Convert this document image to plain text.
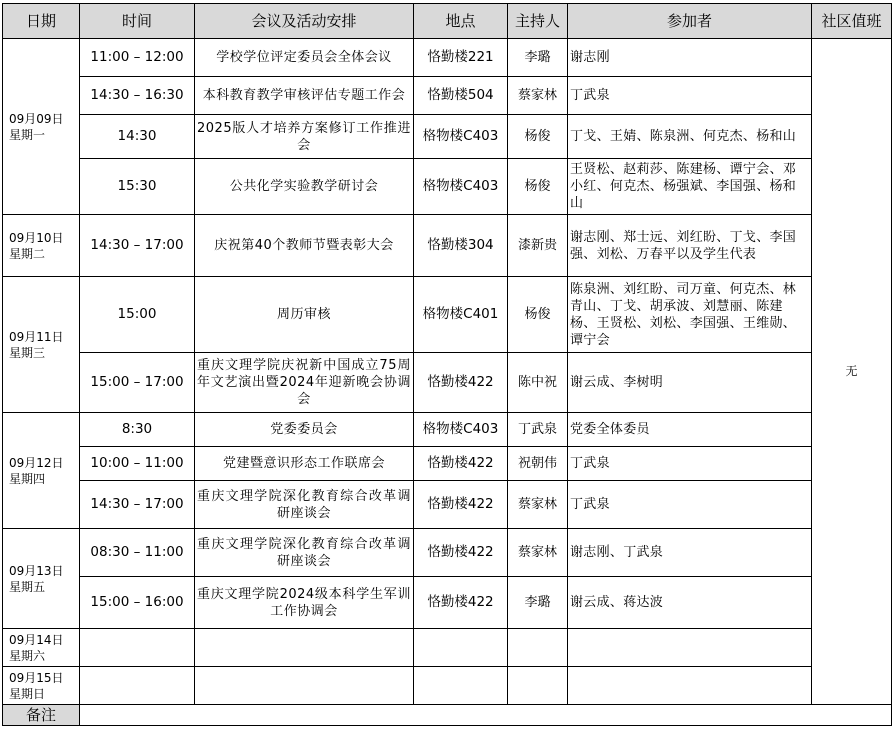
日期	时间	会议及活动安排	地点	主持人	参加者	社区值班

09月09日
星期一	11:00 – 12:00	学校学位评定委员会全体会议	恪勤楼221	李璐	谢志刚	无
	14:30 – 16:30	本科教育教学审核评估专题工作会	恪勤楼504	蔡家林	丁武泉	
	14:30	2025版人才培养方案修订工作推进会	格物楼C403	杨俊	丁戈、王婧、陈泉洲、何克杰、杨和山	
	15:30	公共化学实验教学研讨会	格物楼C403	杨俊	王贤松、赵莉莎、陈建杨、谭宁会、邓小红、何克杰、杨强斌、李国强、杨和山	

09月10日
星期二	14:30 – 17:00	庆祝第40个教师节暨表彰大会	恪勤楼304	漆新贵	谢志刚、郑士远、刘红盼、丁戈、李国强、刘松、万春平以及学生代表	

09月11日
星期三	15:00	周历审核	格物楼C401	杨俊	陈泉洲、刘红盼、司万童、何克杰、林青山、丁戈、胡承波、刘慧丽、陈建杨、王贤松、刘松、李国强、王维勋、谭宁会	
	15:00 – 17:00	重庆文理学院庆祝新中国成立75周年文艺演出暨2024年迎新晚会协调会	恪勤楼422	陈中祝	谢云成、李树明	

09月12日
星期四	8:30	党委委员会	格物楼C403	丁武泉	党委全体委员	
	10:00 – 11:00	党建暨意识形态工作联席会	恪勤楼422	祝朝伟	丁武泉	
	14:30 – 17:00	重庆文理学院深化教育综合改革调研座谈会	恪勤楼422	蔡家林	丁武泉	

09月13日
星期五	08:30 – 11:00	重庆文理学院深化教育综合改革调研座谈会	恪勤楼422	蔡家林	谢志刚、丁武泉	
	15:00 – 16:00	重庆文理学院2024级本科学生军训工作协调会	恪勤楼422	李璐	谢云成、蒋达波	

09月14日
星期六						

09月15日
星期日						

备注						
